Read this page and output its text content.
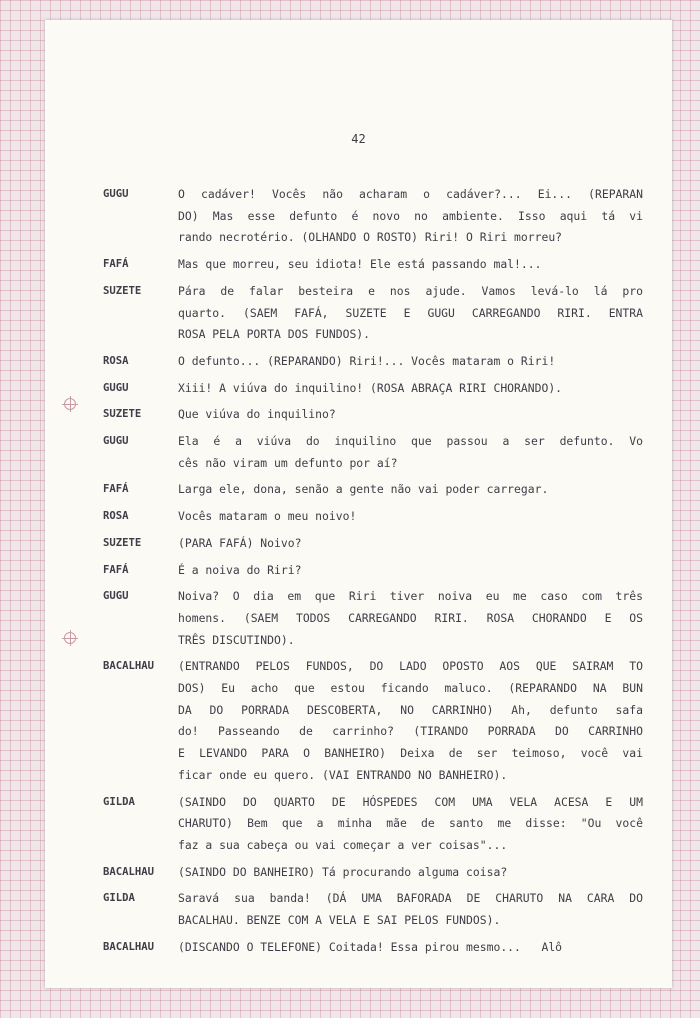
42
GUGU	O cadáver! Vocês não acharam o cadáver?... Ei... (REPARAN
DO) Mas esse defunto é novo no ambiente. Isso aqui tá vi
rando necrotério. (OLHANDO O ROSTO) Riri! O Riri morreu?
FAFÁ	Mas que morreu, seu idiota! Ele está passando mal!...
SUZETE	Pára de falar besteira e nos ajude. Vamos levá-lo lá pro
quarto. (SAEM FAFÁ, SUZETE E GUGU CARREGANDO RIRI. ENTRA
ROSA PELA PORTA DOS FUNDOS).
ROSA	O defunto... (REPARANDO) Riri!... Vocês mataram o Riri!
GUGU	Xiii! A viúva do inquilino! (ROSA ABRAÇA RIRI CHORANDO).
SUZETE	Que viúva do inquilino?
GUGU	Ela é a viúva do inquilino que passou a ser defunto. Vo
cês não viram um defunto por aí?
FAFÁ	Larga ele, dona, senão a gente não vai poder carregar.
ROSA	Vocês mataram o meu noivo!
SUZETE	(PARA FAFÁ) Noivo?
FAFÁ	É a noiva do Riri?
GUGU	Noiva? O dia em que Riri tiver noiva eu me caso com três
homens. (SAEM TODOS CARREGANDO RIRI. ROSA CHORANDO E OS
TRÊS DISCUTINDO).
BACALHAU	(ENTRANDO PELOS FUNDOS, DO LADO OPOSTO AOS QUE SAIRAM TO
DOS) Eu acho que estou ficando maluco. (REPARANDO NA BUN
DA DO PORRADA DESCOBERTA, NO CARRINHO) Ah, defunto safa
do! Passeando de carrinho? (TIRANDO PORRADA DO CARRINHO
E LEVANDO PARA O BANHEIRO) Deixa de ser teimoso, você vai
ficar onde eu quero. (VAI ENTRANDO NO BANHEIRO).
GILDA	(SAINDO DO QUARTO DE HÓSPEDES COM UMA VELA ACESA E UM
CHARUTO) Bem que a minha mãe de santo me disse: "Ou você
faz a sua cabeça ou vai começar a ver coisas"...
BACALHAU	(SAINDO DO BANHEIRO) Tá procurando alguma coisa?
GILDA	Saravá sua banda! (DÁ UMA BAFORADA DE CHARUTO NA CARA DO
BACALHAU. BENZE COM A VELA E SAI PELOS FUNDOS).
BACALHAU	(DISCANDO O TELEFONE) Coitada! Essa pirou mesmo...   Alô
